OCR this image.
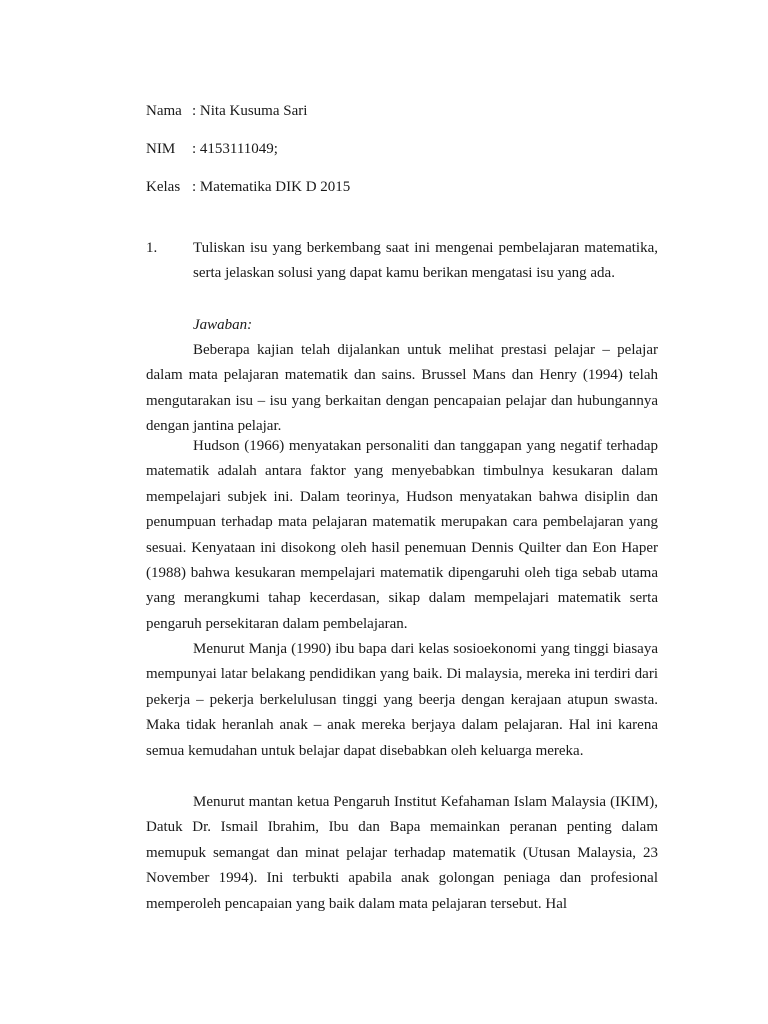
Nama : Nita Kusuma Sari
NIM : 4153111049;
Kelas : Matematika DIK D 2015
1. Tuliskan isu yang berkembang saat ini mengenai pembelajaran matematika, serta jelaskan solusi yang dapat kamu berikan mengatasi isu yang ada.
Jawaban:
Beberapa kajian telah dijalankan untuk melihat prestasi pelajar – pelajar dalam mata pelajaran matematik dan sains. Brussel Mans dan Henry (1994) telah mengutarakan isu – isu yang berkaitan dengan pencapaian pelajar dan hubungannya dengan jantina pelajar.
Hudson (1966) menyatakan personaliti dan tanggapan yang negatif terhadap matematik adalah antara faktor yang menyebabkan timbulnya kesukaran dalam mempelajari subjek ini. Dalam teorinya, Hudson menyatakan bahwa disiplin dan penumpuan terhadap mata pelajaran matematik merupakan cara pembelajaran yang sesuai. Kenyataan ini disokong oleh hasil penemuan Dennis Quilter dan Eon Haper (1988) bahwa kesukaran mempelajari matematik dipengaruhi oleh tiga sebab utama yang merangkumi tahap kecerdasan, sikap dalam mempelajari matematik serta pengaruh persekitaran dalam pembelajaran.
Menurut Manja (1990) ibu bapa dari kelas sosioekonomi yang tinggi biasaya mempunyai latar belakang pendidikan yang baik. Di malaysia, mereka ini terdiri dari pekerja – pekerja berkelulusan tinggi yang beerja dengan kerajaan atupun swasta. Maka tidak heranlah anak – anak mereka berjaya dalam pelajaran. Hal ini karena semua kemudahan untuk belajar dapat disebabkan oleh keluarga mereka.
Menurut mantan ketua Pengaruh Institut Kefahaman Islam Malaysia (IKIM), Datuk Dr. Ismail Ibrahim, Ibu dan Bapa memainkan peranan penting dalam memupuk semangat dan minat pelajar terhadap matematik (Utusan Malaysia, 23 November 1994). Ini terbukti apabila anak golongan peniaga dan profesional memperoleh pencapaian yang baik dalam mata pelajaran tersebut. Hal
